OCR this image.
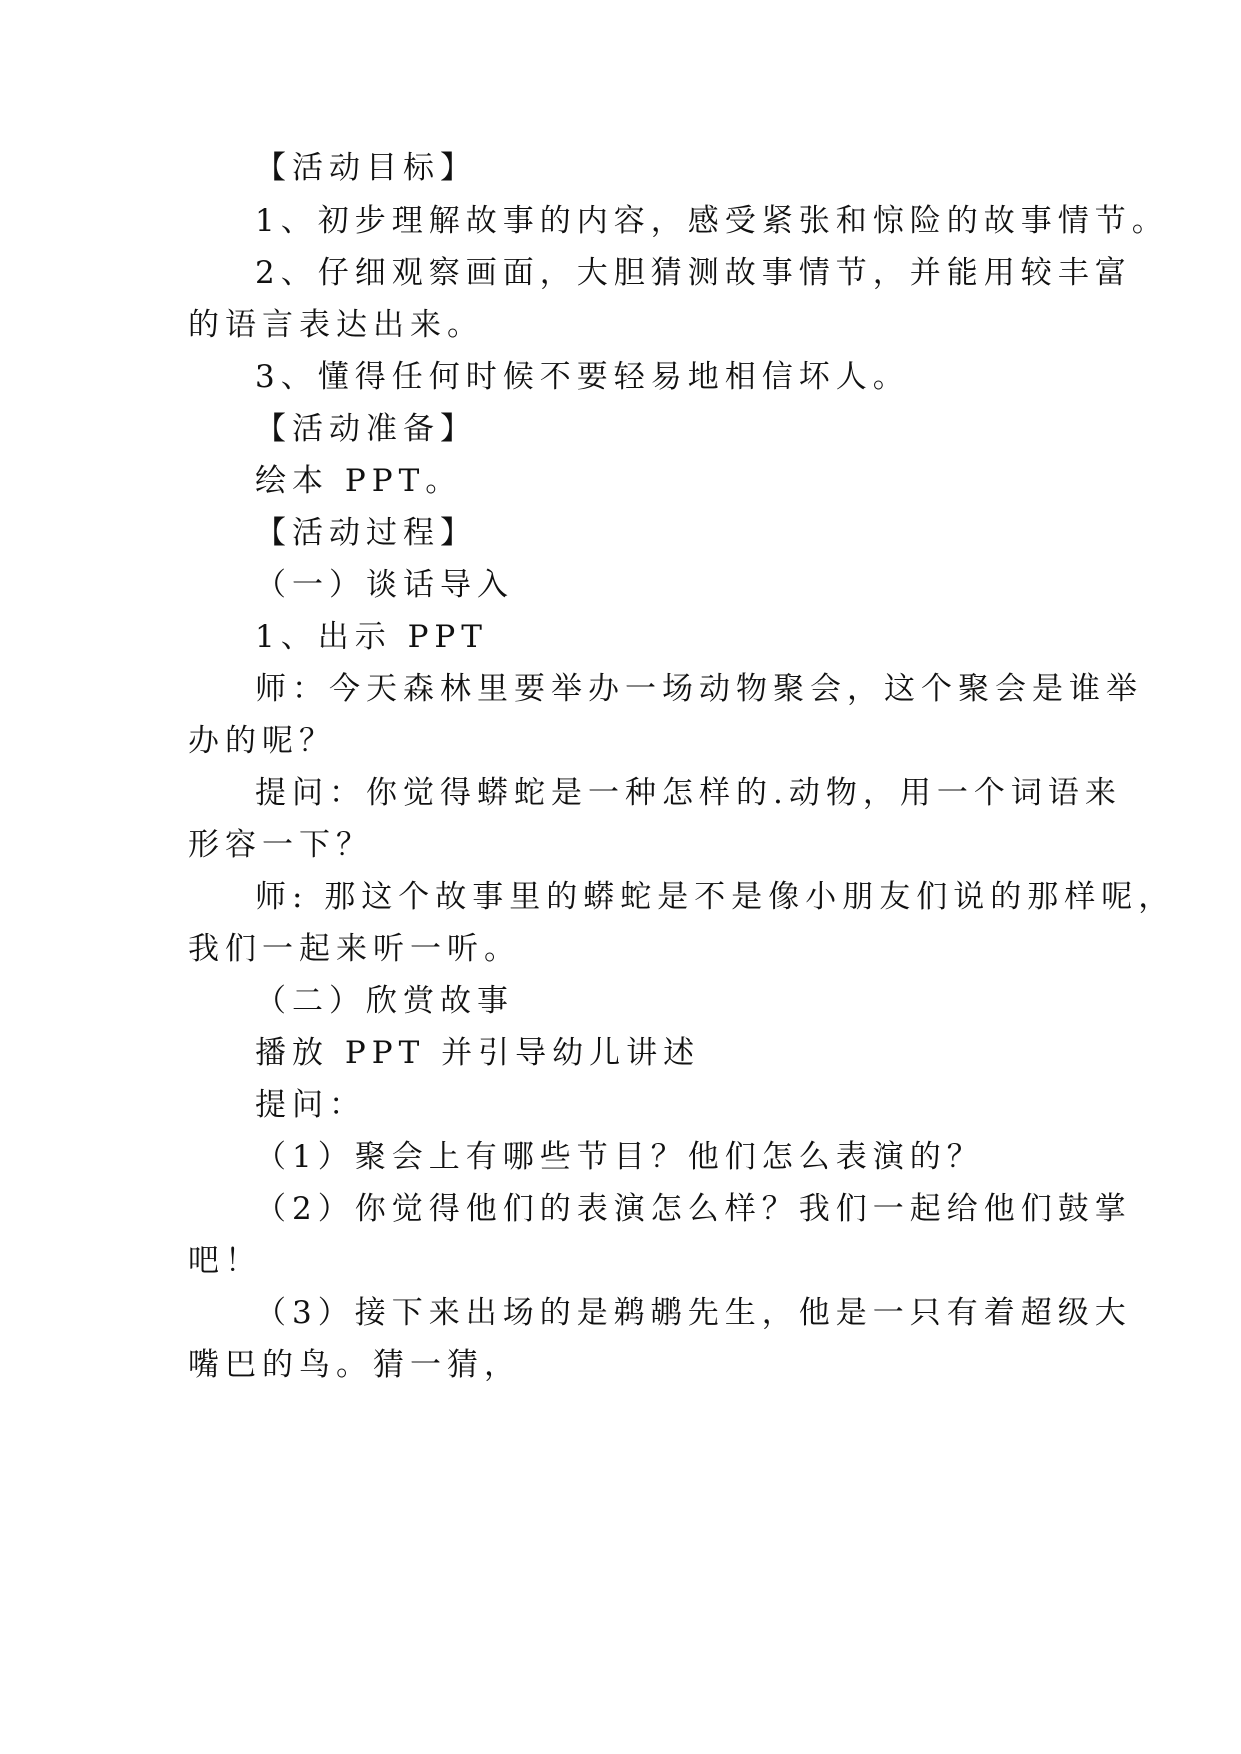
【活动目标】
1、初步理解故事的内容，感受紧张和惊险的故事情节。
2、仔细观察画面，大胆猜测故事情节，并能用较丰富
的语言表达出来。
3、懂得任何时候不要轻易地相信坏人。
【活动准备】
绘本 PPT。
【活动过程】
（一）谈话导入
1、出示 PPT
师：今天森林里要举办一场动物聚会，这个聚会是谁举
办的呢？
提问：你觉得蟒蛇是一种怎样的.动物，用一个词语来
形容一下？
师: 那这个故事里的蟒蛇是不是像小朋友们说的那样呢，
我们一起来听一听。
（二）欣赏故事
播放 PPT 并引导幼儿讲述
提问：
（1）聚会上有哪些节目？他们怎么表演的？
（2）你觉得他们的表演怎么样？我们一起给他们鼓掌
吧！
（3）接下来出场的是鹈鹕先生，他是一只有着超级大
嘴巴的鸟。猜一猜，
